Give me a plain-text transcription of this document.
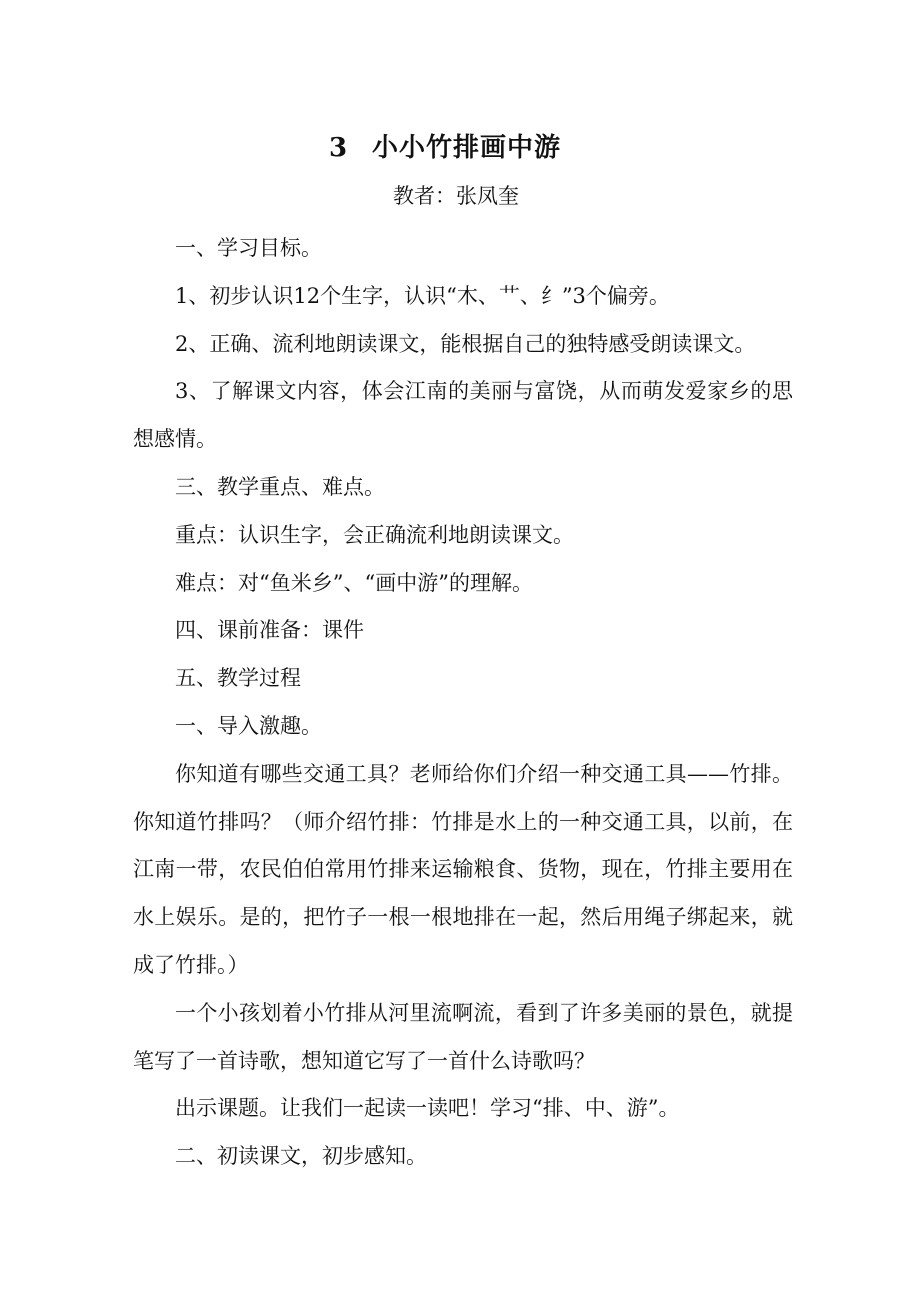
3 小小竹排画中游
教者：张凤奎

一、学习目标。

1、初步认识12个生字，认识“木、艹、纟”3个偏旁。

2、正确、流利地朗读课文，能根据自己的独特感受朗读课文。

3、了解课文内容，体会江南的美丽与富饶，从而萌发爱家乡的思想感情。

三、教学重点、难点。

重点：认识生字，会正确流利地朗读课文。

难点：对“鱼米乡”、“画中游”的理解。

四、课前准备：课件

五、教学过程

一、导入激趣。

你知道有哪些交通工具？老师给你们介绍一种交通工具——竹排。你知道竹排吗？（师介绍竹排：竹排是水上的一种交通工具，以前，在江南一带，农民伯伯常用竹排来运输粮食、货物，现在，竹排主要用在水上娱乐。是的，把竹子一根一根地排在一起，然后用绳子绑起来，就成了竹排。）

一个小孩划着小竹排从河里流啊流，看到了许多美丽的景色，就提笔写了一首诗歌，想知道它写了一首什么诗歌吗？

出示课题。让我们一起读一读吧！学习“排、中、游”。

二、初读课文，初步感知。
